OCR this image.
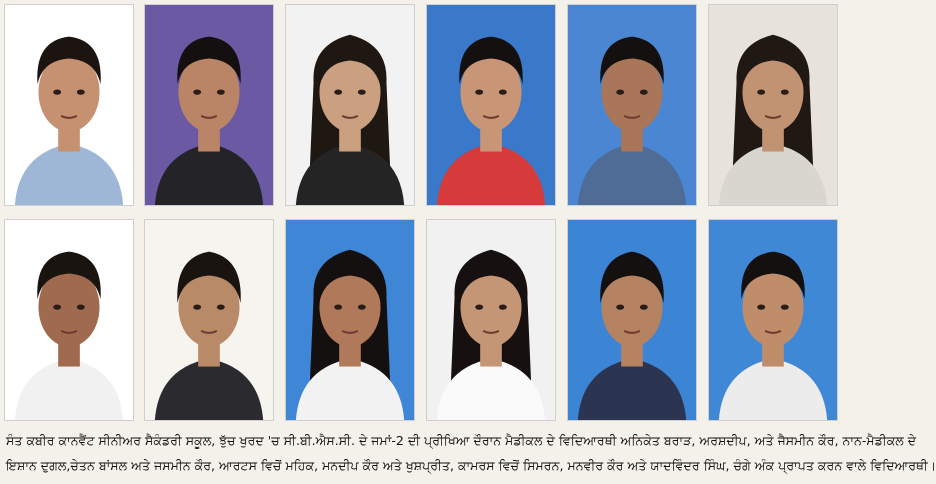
ਸੰਤ ਕਬੀਰ ਕਾਨਵੈਂਟ ਸੀਨੀਅਰ ਸੈਕੰਡਰੀ ਸਕੂਲ, ਝੁੱਚ ਖੁਰਦ 'ਚ ਸੀ.ਬੀ.ਐਸ.ਸੀ. ਦੇ ਜਮਾਂ-2 ਦੀ ਪ੍ਰੀਖਿਆ ਦੌਰਾਨ ਮੈਡੀਕਲ ਦੇ ਵਿਦਿਆਰਥੀ ਅਨਿਕੇਤ ਬਰਾੜ, ਅਰਸ਼ਦੀਪ, ਅਤੇ ਜੈਸਮੀਨ ਕੌਰ, ਨਾਨ-ਮੈਡੀਕਲ ਦੇ
ਇਸ਼ਾਨ ਦੁਗਲ,ਚੇਤਨ ਬਾਂਸਲ ਅਤੇ ਜਸਮੀਨ ਕੌਰ, ਆਰਟਸ ਵਿਚੋਂ ਮਹਿਕ, ਮਨਦੀਪ ਕੌਰ ਅਤੇ ਖੁਸ਼ਪ੍ਰੀਤ, ਕਾਮਰਸ ਵਿਚੋਂ ਸਿਮਰਨ, ਮਨਵੀਰ ਕੌਰ ਅਤੇ ਯਾਦਵਿੰਦਰ ਸਿੰਘ, ਚੰਗੇ ਅੰਕ ਪ੍ਰਾਪਤ ਕਰਨ ਵਾਲੇ ਵਿਦਿਆਰਥੀ।
